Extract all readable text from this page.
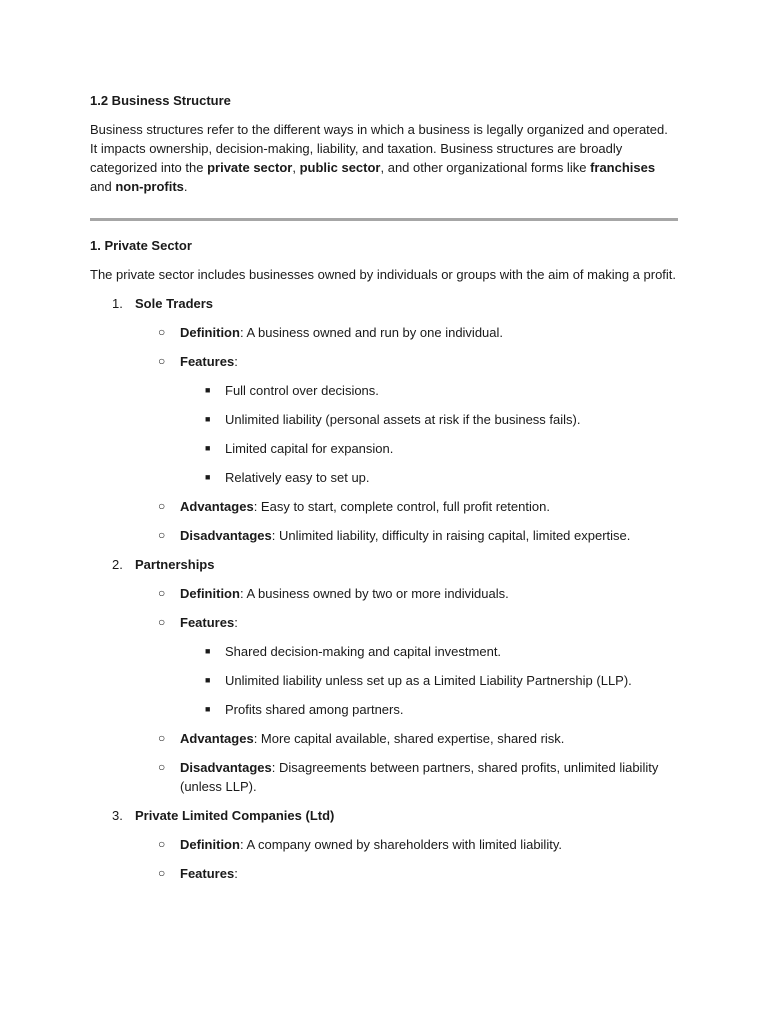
1.2 Business Structure

Business structures refer to the different ways in which a business is legally organized and operated. It impacts ownership, decision-making, liability, and taxation. Business structures are broadly categorized into the private sector, public sector, and other organizational forms like franchises and non-profits.

1. Private Sector

The private sector includes businesses owned by individuals or groups with the aim of making a profit.

1. Sole Traders
○ Definition: A business owned and run by one individual.
○ Features:
■ Full control over decisions.
■ Unlimited liability (personal assets at risk if the business fails).
■ Limited capital for expansion.
■ Relatively easy to set up.
○ Advantages: Easy to start, complete control, full profit retention.
○ Disadvantages: Unlimited liability, difficulty in raising capital, limited expertise.
2. Partnerships
○ Definition: A business owned by two or more individuals.
○ Features:
■ Shared decision-making and capital investment.
■ Unlimited liability unless set up as a Limited Liability Partnership (LLP).
■ Profits shared among partners.
○ Advantages: More capital available, shared expertise, shared risk.
○ Disadvantages: Disagreements between partners, shared profits, unlimited liability (unless LLP).
3. Private Limited Companies (Ltd)
○ Definition: A company owned by shareholders with limited liability.
○ Features:
